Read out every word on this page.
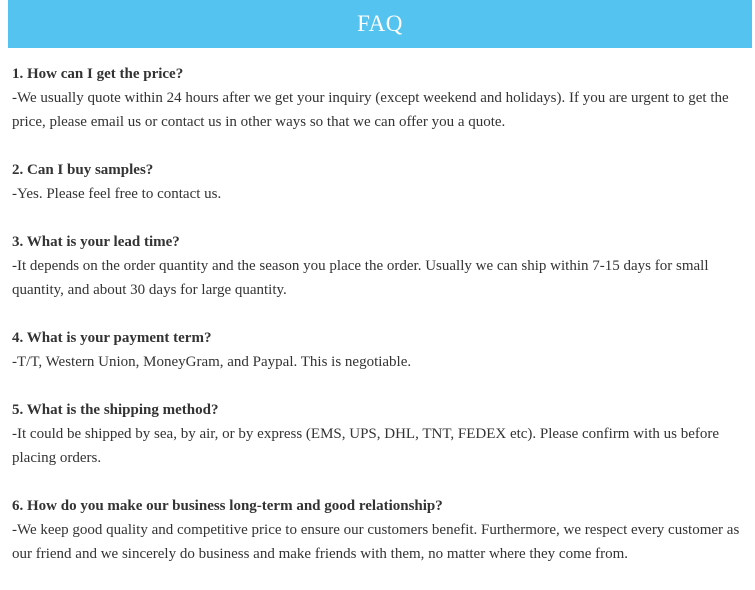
FAQ

1. How can I get the price?

-We usually quote within 24 hours after we get your inquiry (except weekend and holidays). If you are urgent to get the price, please email us or contact us in other ways so that we can offer you a quote.

2. Can I buy samples?

-Yes. Please feel free to contact us.

3. What is your lead time?

-It depends on the order quantity and the season you place the order. Usually we can ship within 7-15 days for small quantity, and about 30 days for large quantity.

4. What is your payment term?

-T/T, Western Union, MoneyGram, and Paypal. This is negotiable.

5. What is the shipping method?

-It could be shipped by sea, by air, or by express (EMS, UPS, DHL, TNT, FEDEX etc). Please confirm with us before placing orders.

6. How do you make our business long-term and good relationship?

-We keep good quality and competitive price to ensure our customers benefit. Furthermore, we respect every customer as our friend and we sincerely do business and make friends with them, no matter where they come from.
